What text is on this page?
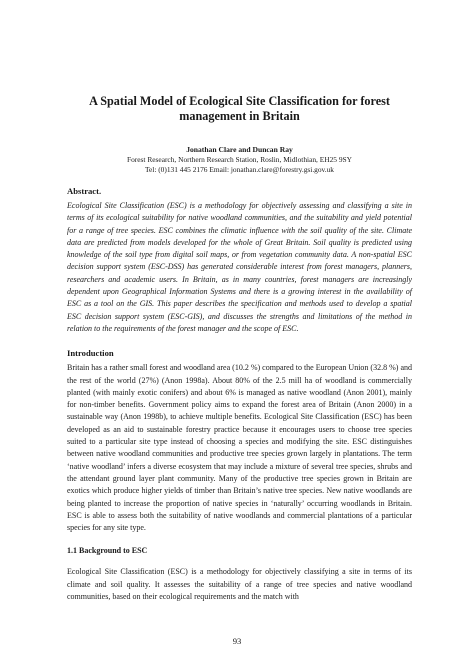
A Spatial Model of Ecological Site Classification for forest management in Britain

Jonathan Clare and Duncan Ray

Forest Research, Northern Research Station, Roslin, Midlothian, EH25 9SY

Tel: (0)131 445 2176 Email: jonathan.clare@forestry.gsi.gov.uk

Abstract.

Ecological Site Classification (ESC) is a methodology for objectively assessing and classifying a site in terms of its ecological suitability for native woodland communities, and the suitability and yield potential for a range of tree species. ESC combines the climatic influence with the soil quality of the site. Climate data are predicted from models developed for the whole of Great Britain. Soil quality is predicted using knowledge of the soil type from digital soil maps, or from vegetation community data. A non-spatial ESC decision support system (ESC-DSS) has generated considerable interest from forest managers, planners, researchers and academic users. In Britain, as in many countries, forest managers are increasingly dependent upon Geographical Information Systems and there is a growing interest in the availability of ESC as a tool on the GIS. This paper describes the specification and methods used to develop a spatial ESC decision support system (ESC-GIS), and discusses the strengths and limitations of the method in relation to the requirements of the forest manager and the scope of ESC.

Introduction

Britain has a rather small forest and woodland area (10.2 %) compared to the European Union (32.8 %) and the rest of the world (27%) (Anon 1998a). About 80% of the 2.5 mill ha of woodland is commercially planted (with mainly exotic conifers) and about 6% is managed as native woodland (Anon 2001), mainly for non-timber benefits. Government policy aims to expand the forest area of Britain (Anon 2000) in a sustainable way (Anon 1998b), to achieve multiple benefits. Ecological Site Classification (ESC) has been developed as an aid to sustainable forestry practice because it encourages users to choose tree species suited to a particular site type instead of choosing a species and modifying the site. ESC distinguishes between native woodland communities and productive tree species grown largely in plantations. The term ‘native woodland’ infers a diverse ecosystem that may include a mixture of several tree species, shrubs and the attendant ground layer plant community. Many of the productive tree species grown in Britain are exotics which produce higher yields of timber than Britain’s native tree species. New native woodlands are being planted to increase the proportion of native species in ‘naturally’ occurring woodlands in Britain. ESC is able to assess both the suitability of native woodlands and commercial plantations of a particular species for any site type.

1.1 Background to ESC

Ecological Site Classification (ESC) is a methodology for objectively classifying a site in terms of its climate and soil quality. It assesses the suitability of a range of tree species and native woodland communities, based on their ecological requirements and the match with

93
